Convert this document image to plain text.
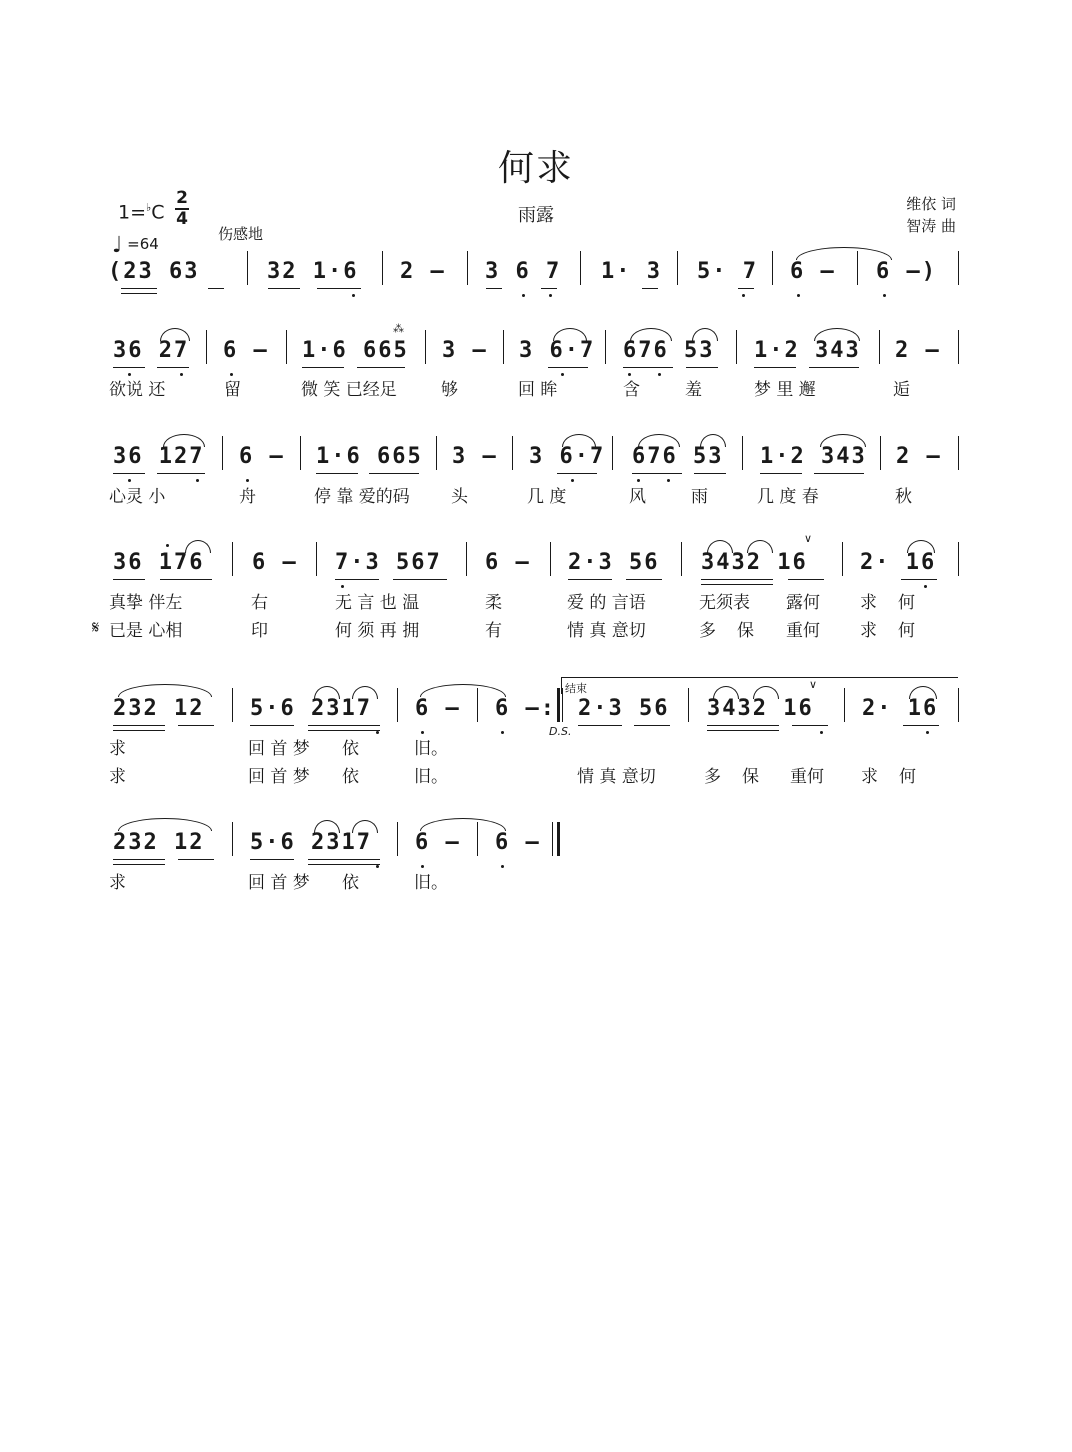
何求
雨露
维依 词
智涛 曲
1=♭C
2
4
♩ =64
伤感地
(23 63	32 1·6 2 – 3 6 7 1· 3 5· 7 6 – 6 –)
36 27 6 – 1·6 665 3 – 3 6·7 676 53 1·2 343 2 –
⁂
欲说 还	留	微 笑 已经足	够	回 眸	含	羞	梦 里 邂	逅
36 127 6 – 1·6 665 3 – 3 6·7 676 53 1·2 343 2 –
心灵 小	舟	停 靠 爱的码 头	几 度	风	雨	几 度 春	秋
36 176 6 – 7·3 567 6 – 2·3 56 3432 16 2· 16
∨
真挚 伴左	右	无 言 也 温	柔	爱 的 言语	无须表 露何 求 何
𝄋 已是 心相	印	何 须 再 拥	有	情 真 意切	多 保 重何 求 何
结束
232 12 5·6 2317 6 – 6 –: 2·3 56 3432 16 2· 16
∨
D.S.
求	回 首 梦 依	旧。
求	回 首 梦 依	旧。	情 真 意切	多 保 重何 求 何
232 12 5·6 2317 6 – 6 –
求	回 首 梦 依	旧。
